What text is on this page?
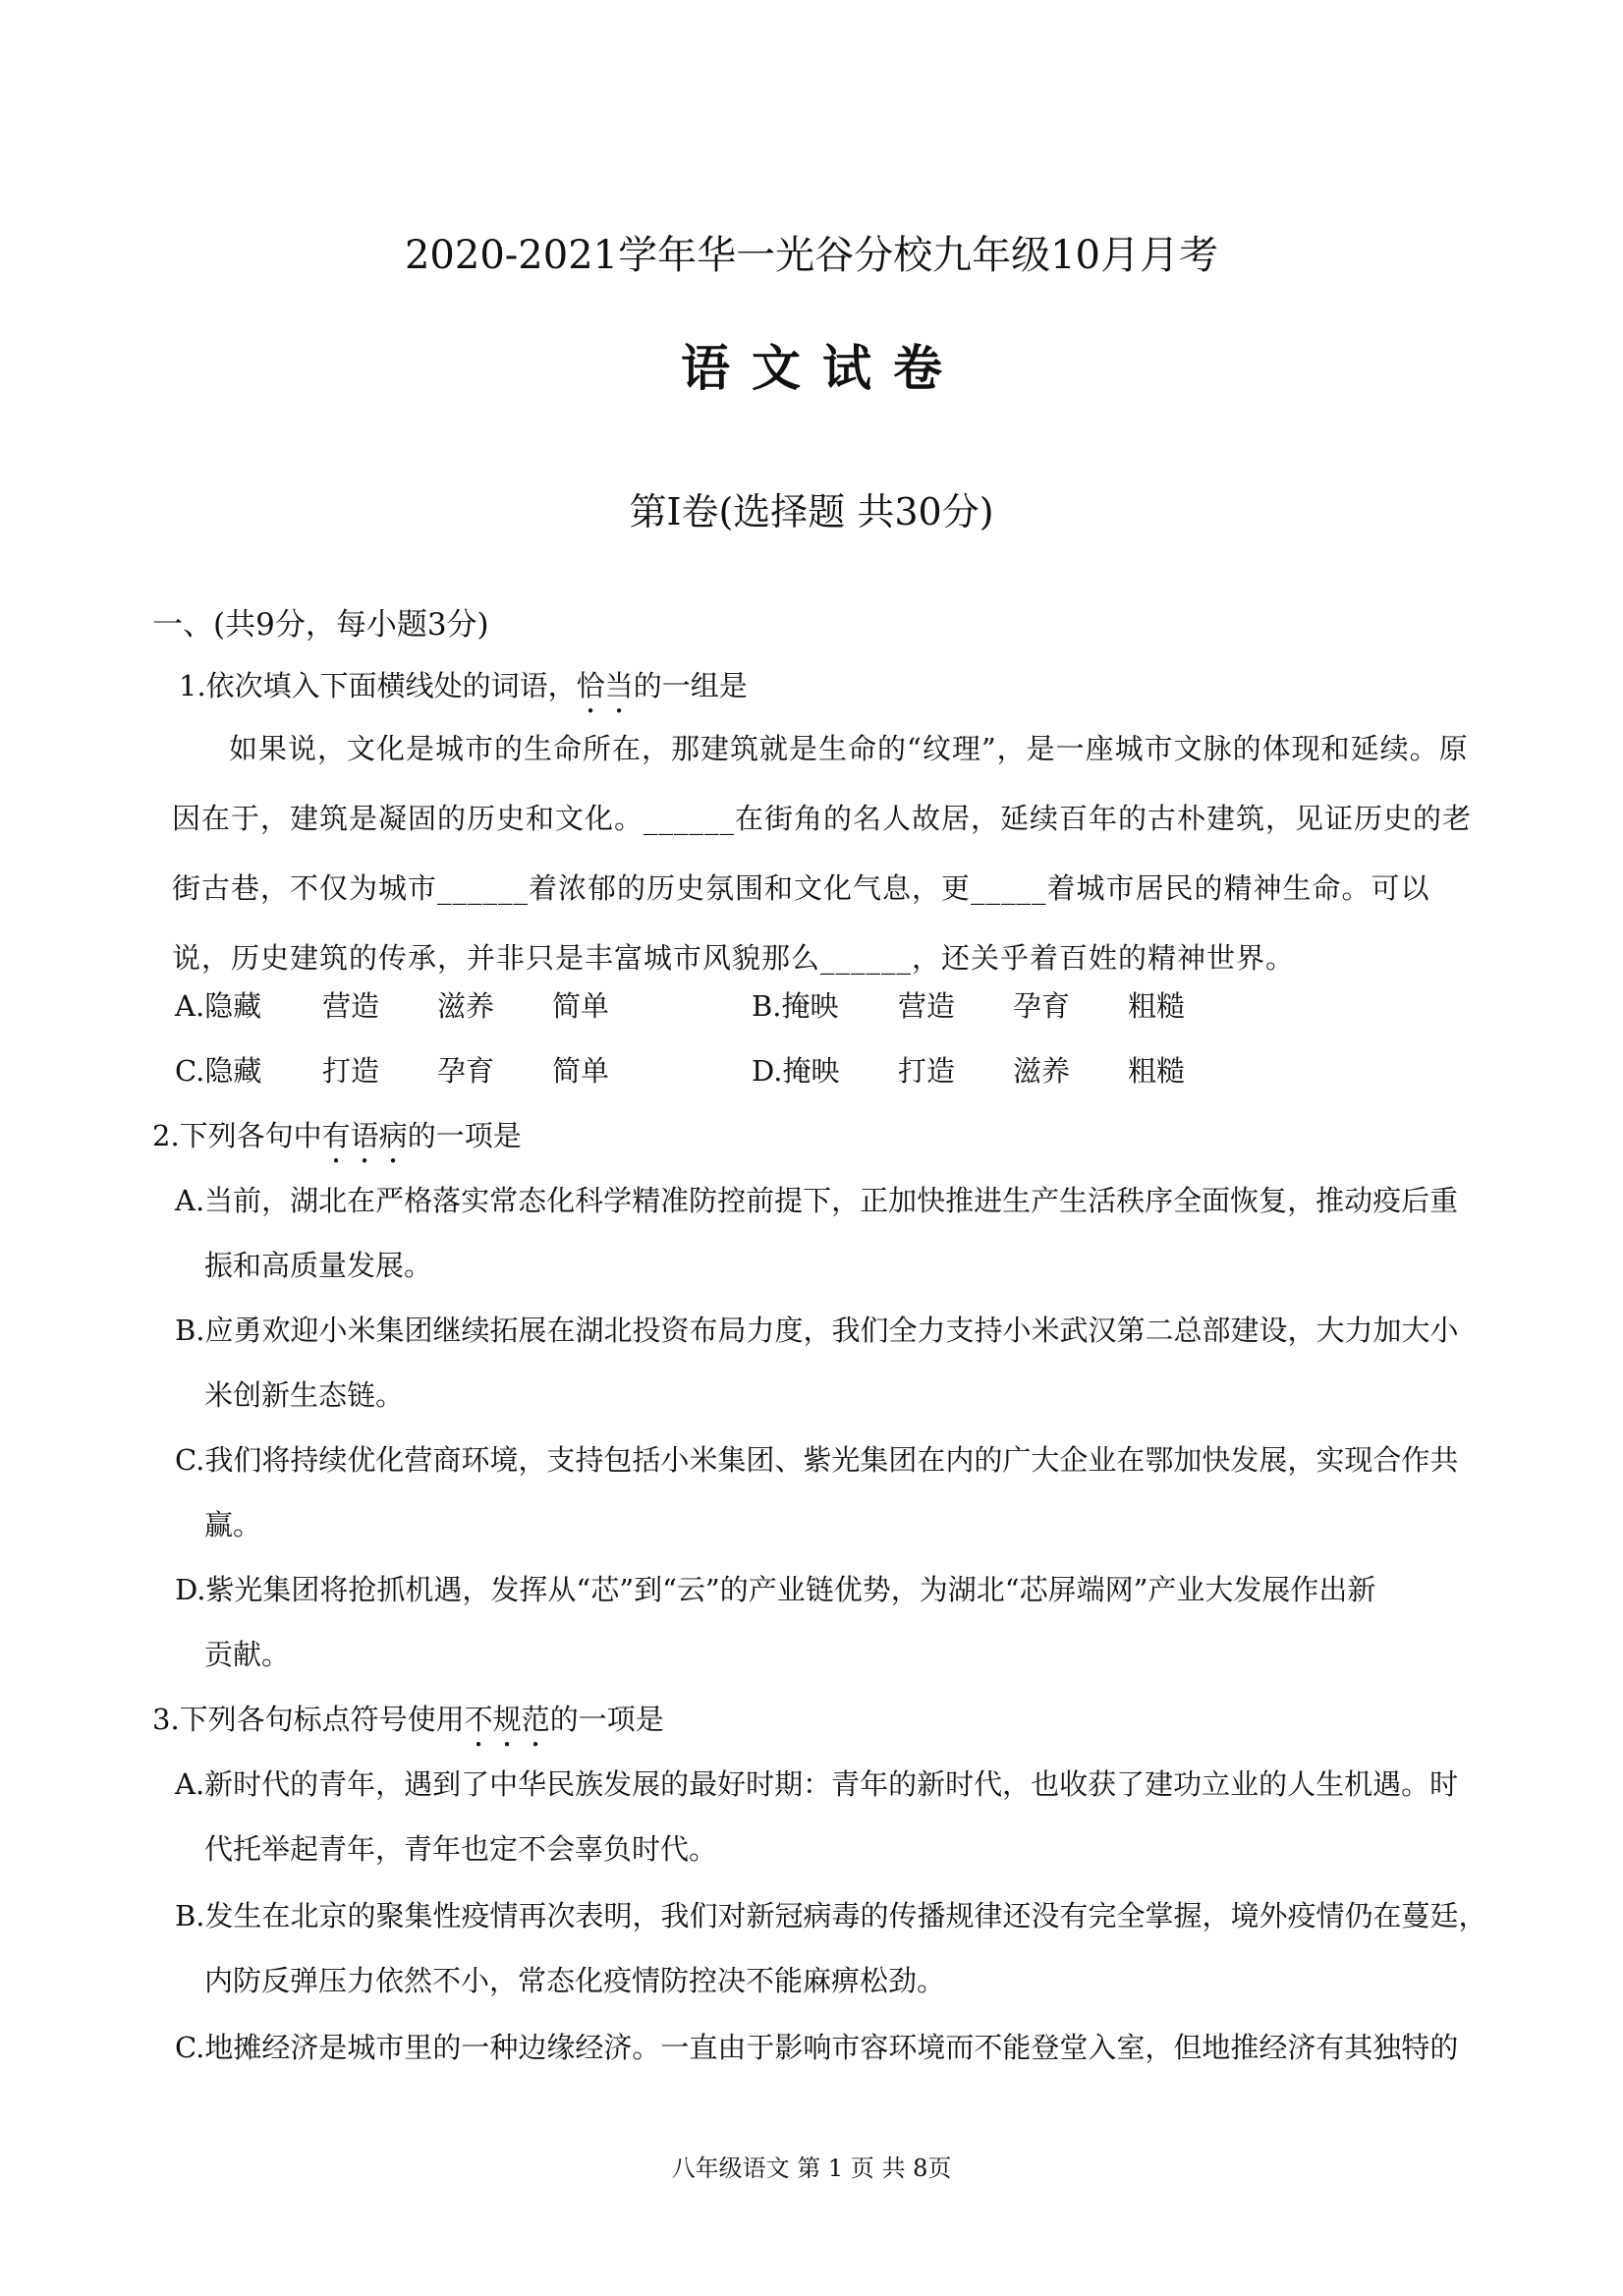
2020-2021学年华一光谷分校九年级10月月考
语文试卷
第Ⅰ卷(选择题 共30分)
一、(共9分，每小题3分)
1.依次填入下面横线处的词语，恰当的一组是
如果说，文化是城市的生命所在，那建筑就是生命的“纹理”，是一座城市文脉的体现和延续。原因在于，建筑是凝固的历史和文化。______在街角的名人故居，延续百年的古朴建筑，见证历史的老街古巷，不仅为城市______着浓郁的历史氛围和文化气息，更_____着城市居民的精神生命。可以说，历史建筑的传承，并非只是丰富城市风貌那么______，还关乎着百姓的精神世界。
A.隐藏 营造 滋养 简单	B.掩映 营造 孕育 粗糙
C.隐藏 打造 孕育 简单	D.掩映 打造 滋养 粗糙
2.下列各句中有语病的一项是
A.当前，湖北在严格落实常态化科学精准防控前提下，正加快推进生产生活秩序全面恢复，推动疫后重
振和高质量发展。
B.应勇欢迎小米集团继续拓展在湖北投资布局力度，我们全力支持小米武汉第二总部建设，大力加大小
米创新生态链。
C.我们将持续优化营商环境，支持包括小米集团、紫光集团在内的广大企业在鄂加快发展，实现合作共
赢。
D.紫光集团将抢抓机遇，发挥从“芯”到“云”的产业链优势，为湖北“芯屏端网”产业大发展作出新
贡献。
3.下列各句标点符号使用不规范的一项是
A.新时代的青年，遇到了中华民族发展的最好时期：青年的新时代，也收获了建功立业的人生机遇。时
代托举起青年，青年也定不会辜负时代。
B.发生在北京的聚集性疫情再次表明，我们对新冠病毒的传播规律还没有完全掌握，境外疫情仍在蔓廷，
内防反弹压力依然不小，常态化疫情防控决不能麻痹松劲。
C.地摊经济是城市里的一种边缘经济。一直由于影响市容环境而不能登堂入室，但地推经济有其独特的
八年级语文 第 1 页 共 8页
